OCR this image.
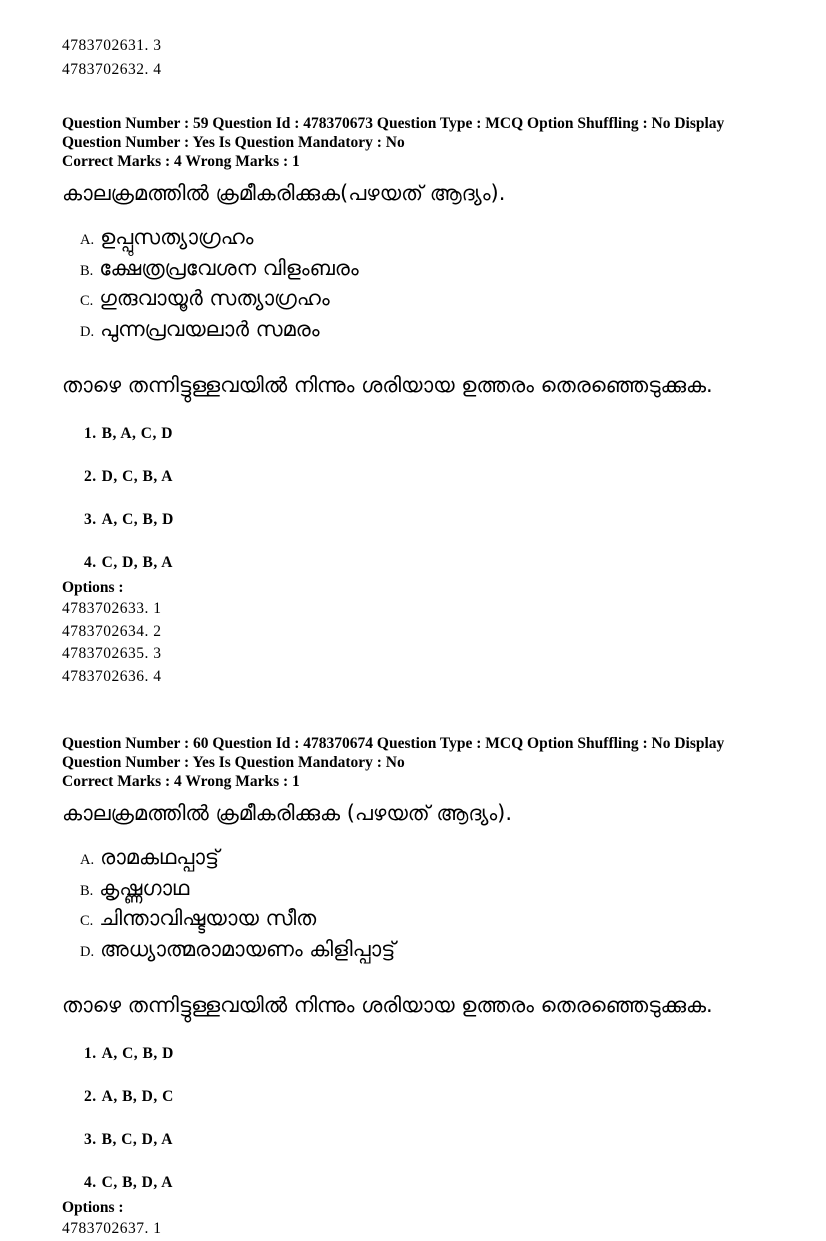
4783702631. 3
4783702632. 4
Question Number : 59 Question Id : 478370673 Question Type : MCQ Option Shuffling : No Display Question Number : Yes Is Question Mandatory : No
Correct Marks : 4 Wrong Marks : 1
കാലക്രമത്തിൽ ക്രമീകരിക്കുക(പഴയത് ആദ്യം).
A. ഉപ്പുസത്യാഗ്രഹം
B. ക്ഷേത്രപ്രവേശന വിളംബരം
C. ഗുരുവായൂർ സത്യാഗ്രഹം
D. പുന്നപ്രവയലാർ സമരം
താഴെ തന്നിട്ടുള്ളവയിൽ നിന്നും ശരിയായ ഉത്തരം തെരഞ്ഞെടുക്കുക.
1. B, A, C, D
2. D, C, B, A
3. A, C, B, D
4. C, D, B, A
Options :
4783702633. 1
4783702634. 2
4783702635. 3
4783702636. 4
Question Number : 60 Question Id : 478370674 Question Type : MCQ Option Shuffling : No Display Question Number : Yes Is Question Mandatory : No
Correct Marks : 4 Wrong Marks : 1
കാലക്രമത്തിൽ ക്രമീകരിക്കുക (പഴയത് ആദ്യം).
A. രാമകഥപ്പാട്ട്
B. കൃഷ്ണഗാഥ
C. ചിന്താവിഷ്ടയായ സീത
D. അധ്യാത്മരാമായണം കിളിപ്പാട്ട്
താഴെ തന്നിട്ടുള്ളവയിൽ നിന്നും ശരിയായ ഉത്തരം തെരഞ്ഞെടുക്കുക.
1. A, C, B, D
2. A, B, D, C
3. B, C, D, A
4. C, B, D, A
Options :
4783702637. 1
